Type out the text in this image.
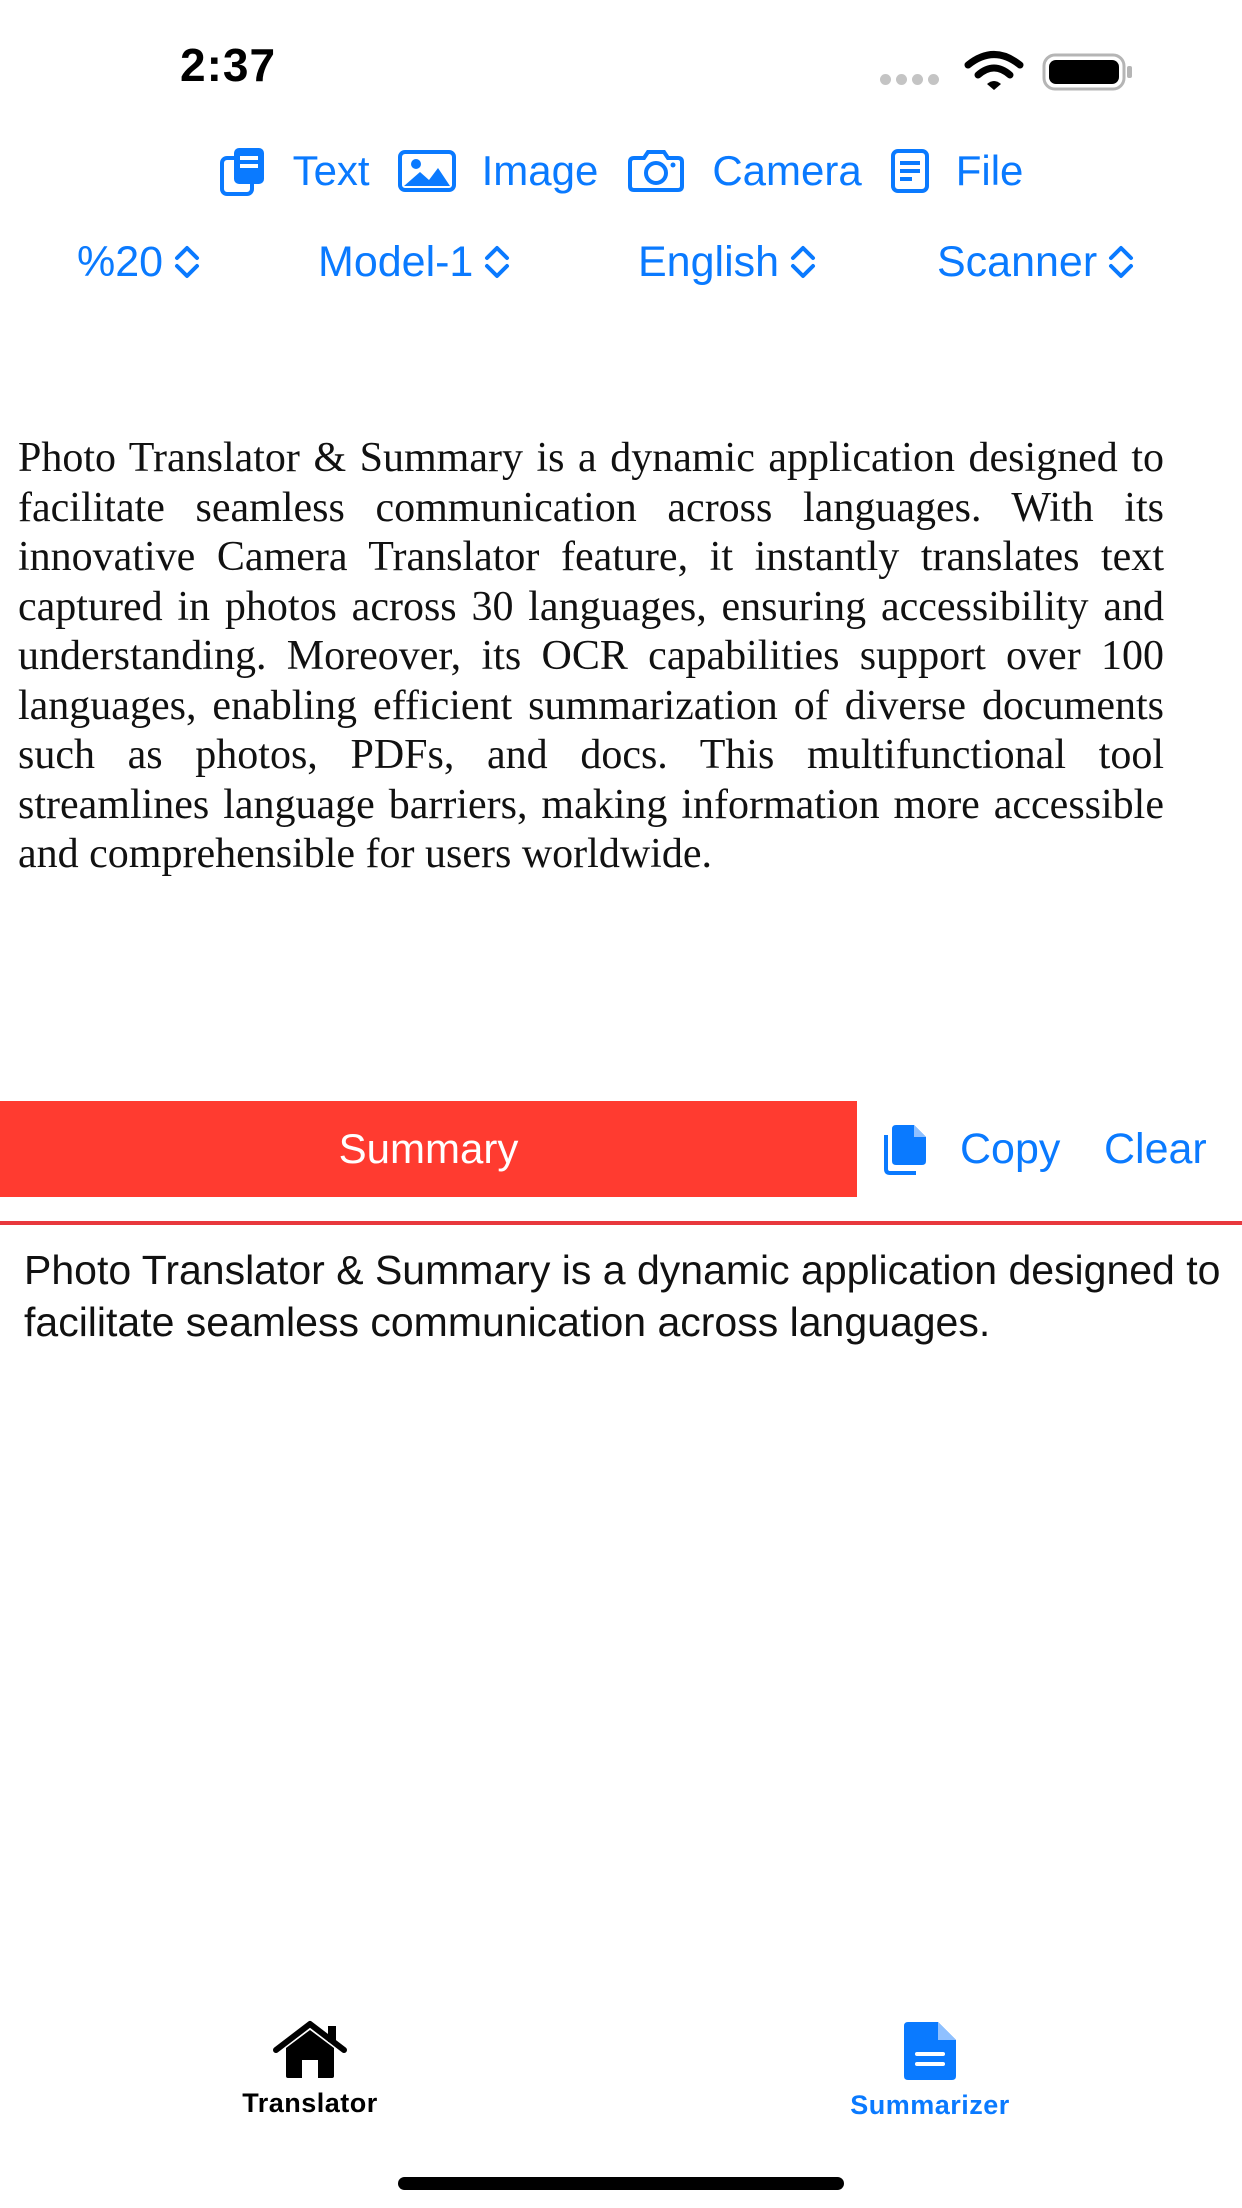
2:37
Text	Image	Camera File
%20	Model-1	English	Scanner
Photo Translator & Summary is a dynamic application designed to facilitate seamless communication across languages. With its innovative Camera Translator feature, it instantly translates text captured in photos across 30 languages, ensuring accessibility and understanding. Moreover, its OCR capabilities support over 100 languages, enabling efficient summarization of diverse documents such as photos, PDFs, and docs. This multifunctional tool streamlines language barriers, making information more accessible and comprehensible for users worldwide.
Summary	Copy Clear
Photo Translator & Summary is a dynamic application designed to facilitate seamless communication across languages.
Translator	Summarizer
